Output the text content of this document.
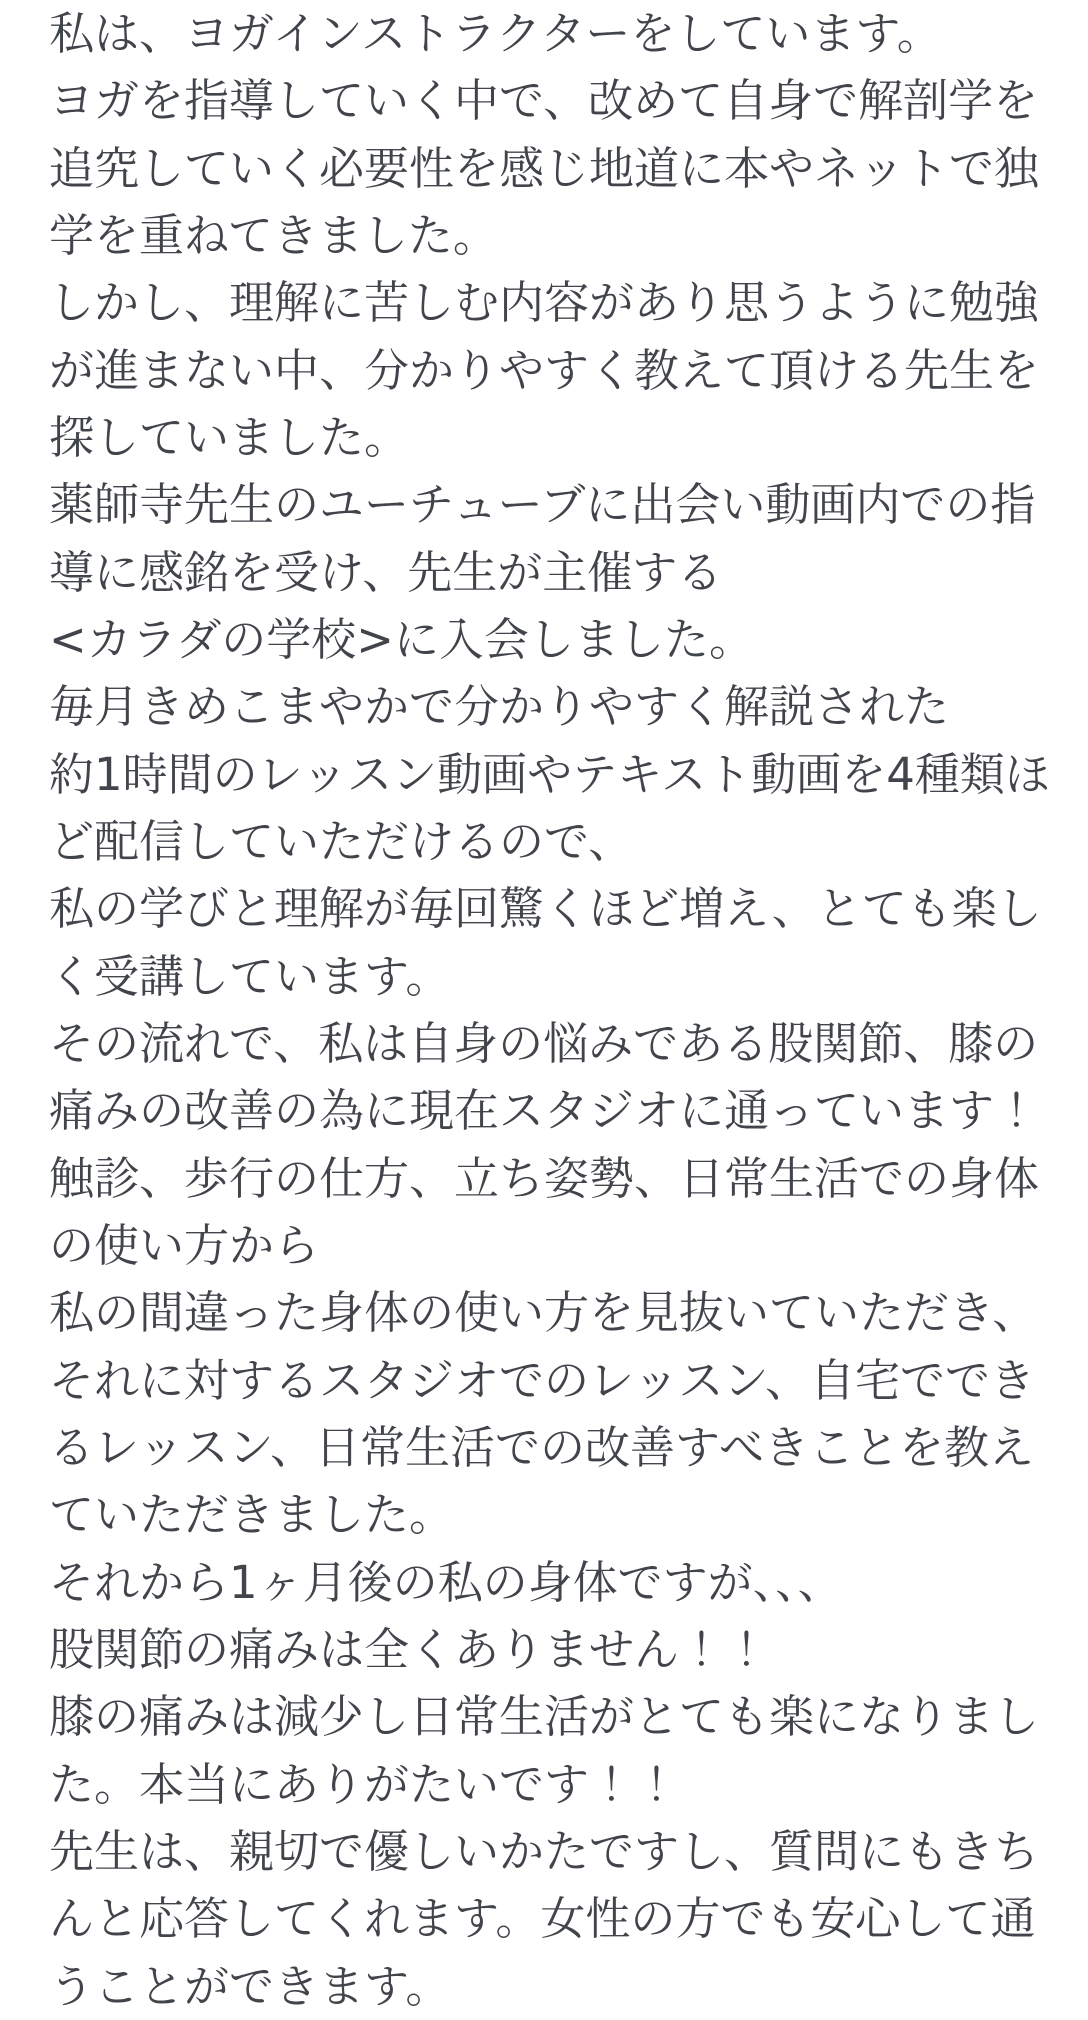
私は、ヨガインストラクターをしています。
ヨガを指導していく中で、改めて自身で解剖学を
追究していく必要性を感じ地道に本やネットで独
学を重ねてきました。
しかし、理解に苦しむ内容があり思うように勉強
が進まない中、分かりやすく教えて頂ける先生を
探していました。
薬師寺先生のユーチューブに出会い動画内での指
導に感銘を受け、先生が主催する
<カラダの学校>に入会しました。
毎月きめこまやかで分かりやすく解説された
約1時間のレッスン動画やテキスト動画を4種類ほ
ど配信していただけるので、
私の学びと理解が毎回驚くほど増え、とても楽し
く受講しています。
その流れで、私は自身の悩みである股関節、膝の
痛みの改善の為に現在スタジオに通っています！
触診、歩行の仕方、立ち姿勢、日常生活での身体
の使い方から
私の間違った身体の使い方を見抜いていただき、
それに対するスタジオでのレッスン、自宅ででき
るレッスン、日常生活での改善すべきことを教え
ていただきました。
それから1ヶ月後の私の身体ですが、、、
股関節の痛みは全くありません！！
膝の痛みは減少し日常生活がとても楽になりまし
た。本当にありがたいです！！
先生は、親切で優しいかたですし、質問にもきち
んと応答してくれます。女性の方でも安心して通
うことができます。
